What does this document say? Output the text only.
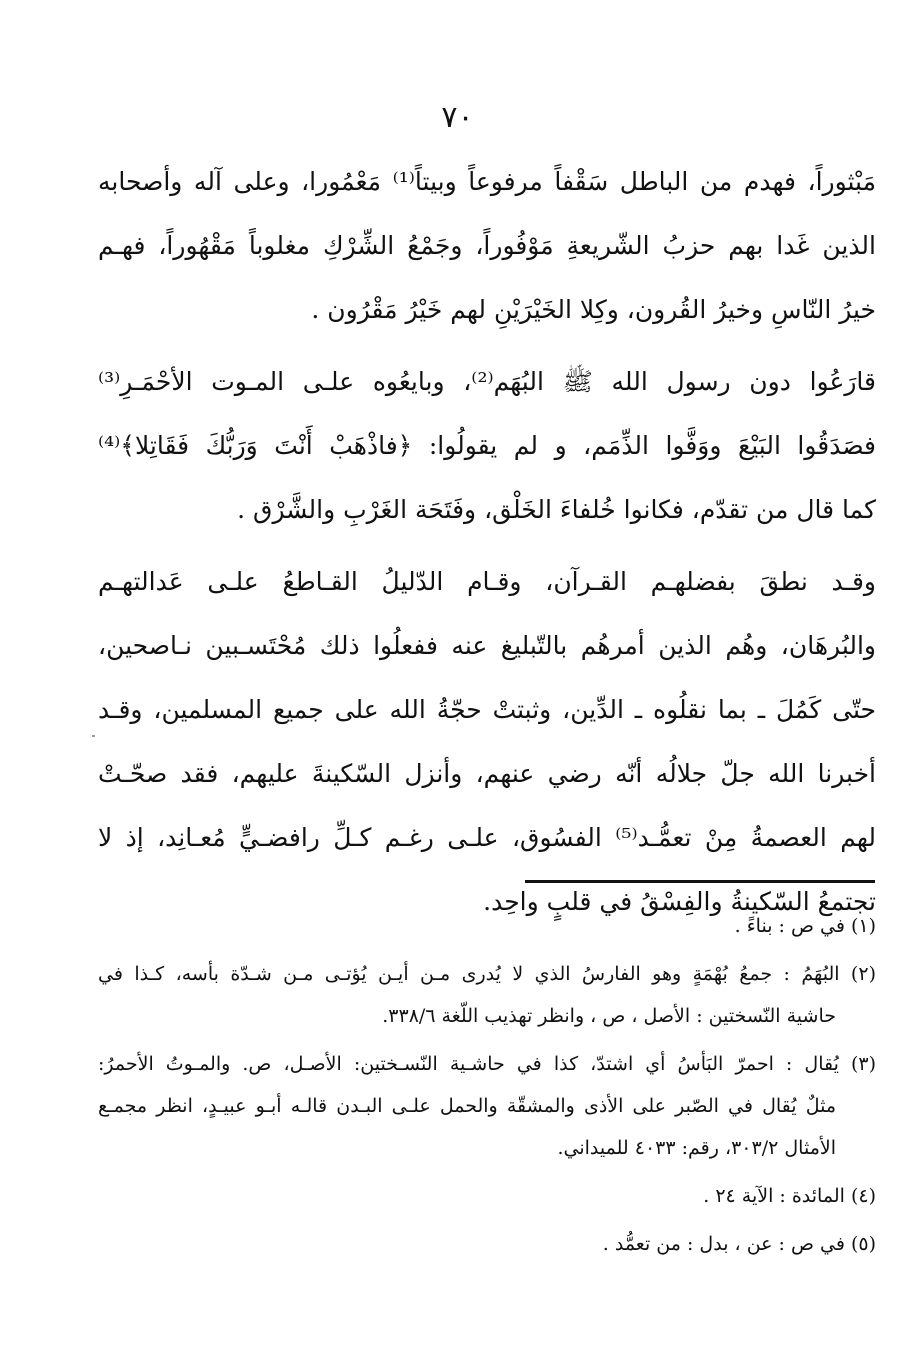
٧٠

مَبْثوراً، فهدم من الباطل سَقْفاً مرفوعاً وبيتاً⁽¹⁾ مَعْمُورا، وعلى آله وأصحابه
الذين غَدا بهم حزبُ الشّريعةِ مَوْفُوراً، وجَمْعُ الشِّرْكِ مغلوباً مَقْهُوراً، فهـم
خيرُ النّاسِ وخيرُ القُرون، وكِلا الخَيْرَيْنِ لهم خَيْرُ مَقْرُون .

قارَعُوا دون رسول الله ﷺ البُهَم⁽²⁾، وبايعُوه علـى المـوت الأحْمَـرِ⁽³⁾
فصَدَقُوا البَيْعَ ووَفَّوا الذِّمَم، و لم يقولُوا: ﴿فاذْهَبْ أَنْتَ وَرَبُّكَ فَقَاتِلا﴾⁽⁴⁾
كما قال من تقدّم، فكانوا خُلفاءَ الخَلْق، وفَتَحَة الغَرْبِ والشَّرْق .

وقـد نطقَ بفضلهـم القـرآن، وقـام الدّليلُ القـاطعُ علـى عَدالتهـم
والبُرهَان، وهُم الذين أمرهُم بالتّبليغ عنه ففعلُوا ذلك مُحْتَسـبين نـاصحين،
حتّى كَمُلَ ـ بما نقلُوه ـ الدِّين، وثبتتْ حجّةُ الله على جميع المسلمين، وقـد
أخبرنا الله جلّ جلالُه أنّه رضي عنهم، وأنزل السّكينةَ عليهم، فقد صحّـتْ
لهم العصمةُ مِنْ تعمُّـد⁽⁵⁾ الفسُوق، علـى رغـم كـلِّ رافضـيٍّ مُعـانِد، إذ لا
تجتمعُ السّكينةُ والفِسْقُ في قلبٍ واحِد.

(١) في ص : بناءً .

(٢) البُهَمُ : جمعُ بُهْمَةٍ وهو الفارسُ الذي لا يُدرى مـن أيـن يُؤتـى مـن شـدّة بأسه، كـذا في
حاشية النّسختين : الأصل ، ص ، وانظر تهذيب اللّغة ٣٣٨/٦.

(٣) يُقال : احمرّ البَأسُ أي اشتدّ، كذا في حاشـية النّسـختين: الأصـل، ص. والمـوتُ الأحمرُ:
مثلٌ يُقال في الصّبر على الأذى والمشقّة والحمل علـى البـدن قالـه أبـو عبيـدٍ، انظر مجمـع
الأمثال ٣٠٣/٢، رقم: ٤٠٣٣ للميداني.

(٤) المائدة : الآية ٢٤ .

(٥) في ص : عن ، بدل : من تعمُّد .
